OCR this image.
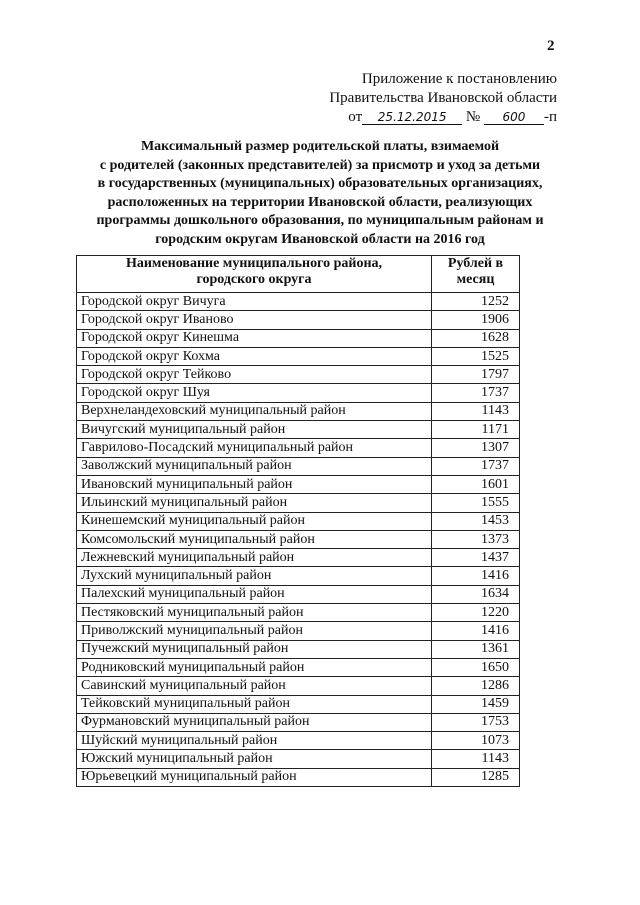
2
Приложение к постановлению
Правительства Ивановской области
от 25.12.2015 № 600 -п
Максимальный размер родительской платы, взимаемой
с родителей (законных представителей) за присмотр и уход за детьми
в государственных (муниципальных) образовательных организациях,
расположенных на территории Ивановской области, реализующих
программы дошкольного образования, по муниципальным районам и
городским округам Ивановской области на 2016 год
Наименование муниципального района, городского округа	Рублей в месяц
Городской округ Вичуга	1252
Городской округ Иваново	1906
Городской округ Кинешма	1628
Городской округ Кохма	1525
Городской округ Тейково	1797
Городской округ Шуя	1737
Верхнеландеховский муниципальный район	1143
Вичугский муниципальный район	1171
Гаврилово-Посадский муниципальный район	1307
Заволжский муниципальный район	1737
Ивановский муниципальный район	1601
Ильинский муниципальный район	1555
Кинешемский муниципальный район	1453
Комсомольский муниципальный район	1373
Лежневский муниципальный район	1437
Лухский муниципальный район	1416
Палехский муниципальный район	1634
Пестяковский муниципальный район	1220
Приволжский муниципальный район	1416
Пучежский муниципальный район	1361
Родниковский муниципальный район	1650
Савинский муниципальный район	1286
Тейковский муниципальный район	1459
Фурмановский муниципальный район	1753
Шуйский муниципальный район	1073
Южский муниципальный район	1143
Юрьевецкий муниципальный район	1285
